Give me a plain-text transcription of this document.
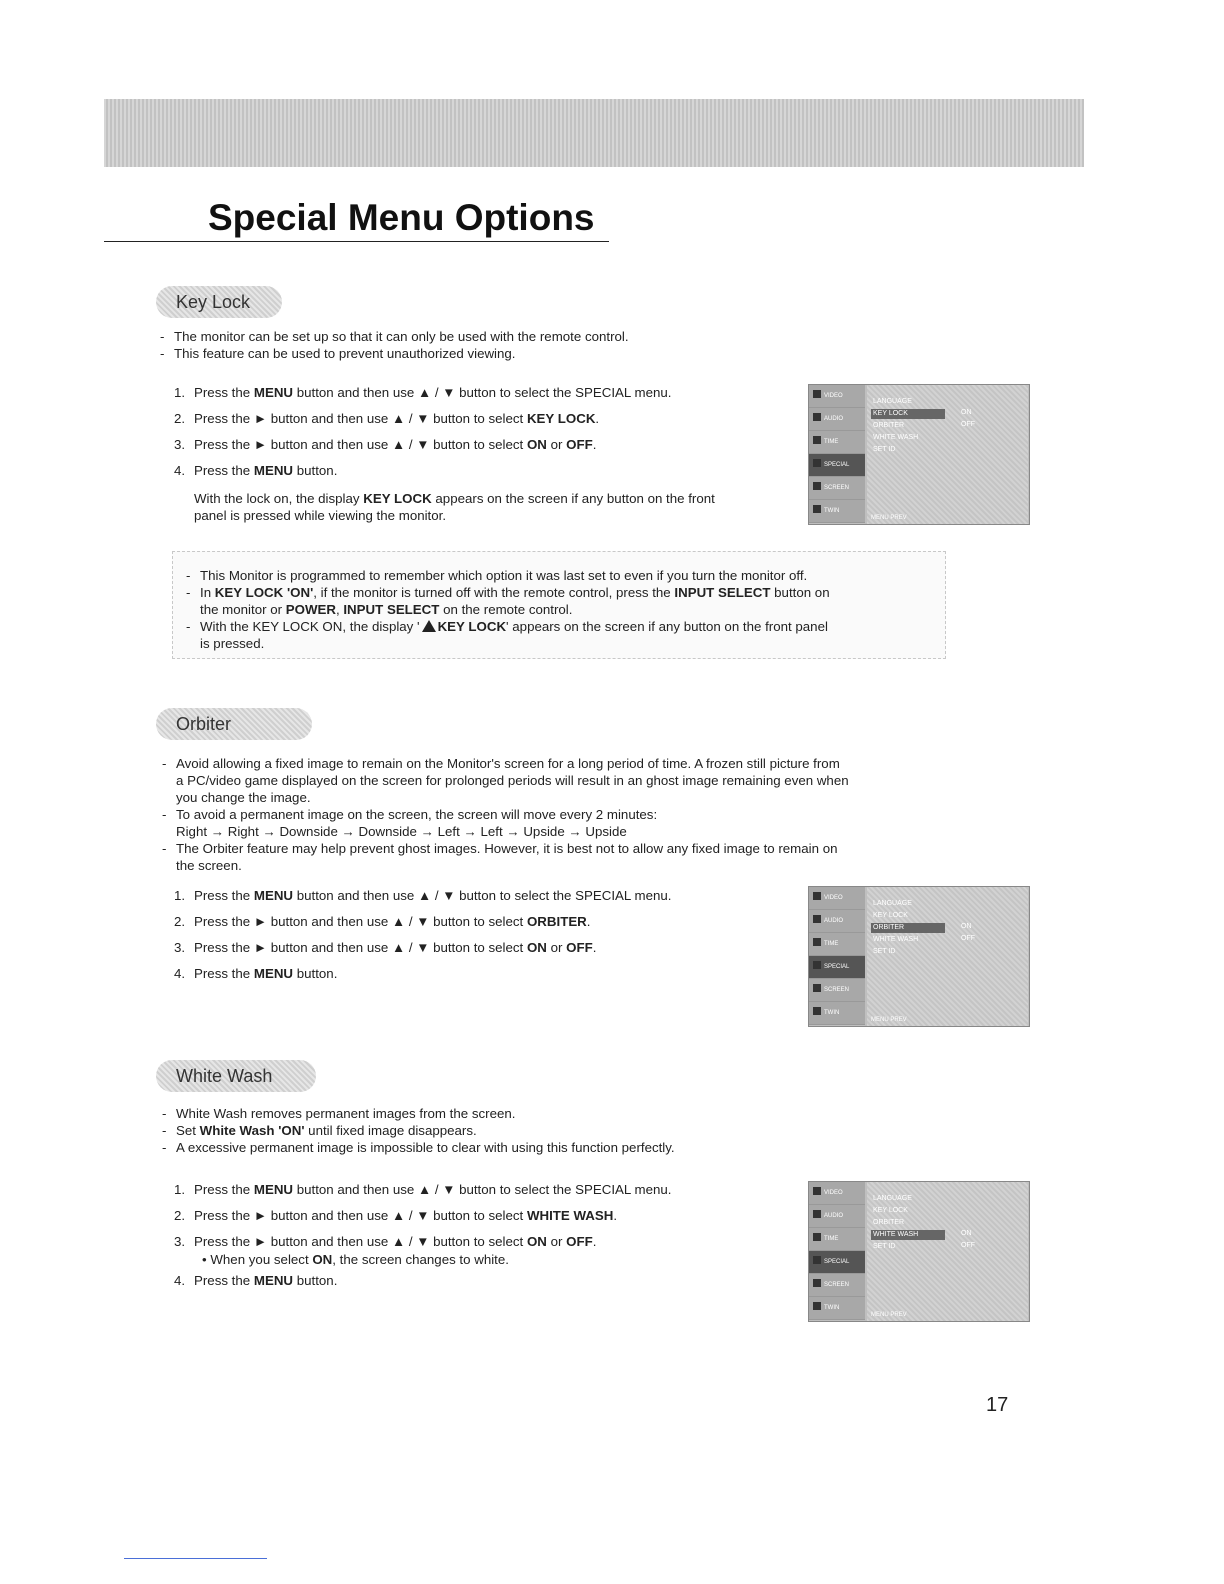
Special Menu Options
Key Lock
- The monitor can be set up so that it can only be used with the remote control.
- This feature can be used to prevent unauthorized viewing.
1. Press the MENU button and then use ▲ / ▼ button to select the SPECIAL menu.
2. Press the ► button and then use ▲ / ▼ button to select KEY LOCK.
3. Press the ► button and then use ▲ / ▼ button to select ON or OFF.
4. Press the MENU button.
With the lock on, the display KEY LOCK appears on the screen if any button on the front
panel is pressed while viewing the monitor.
VIDEO
AUDIO
TIME
SPECIAL
SCREEN
TWIN
LANGUAGE
KEY LOCK
ORBITER
WHITE WASH
SET ID
ON
OFF
MENU PREV
- This Monitor is programmed to remember which option it was last set to even if you turn the monitor off.
- In KEY LOCK 'ON', if the monitor is turned off with the remote control, press the INPUT SELECT button on
the monitor or POWER, INPUT SELECT on the remote control.
- With the KEY LOCK ON, the display ' KEY LOCK' appears on the screen if any button on the front panel
is pressed.
Orbiter
- Avoid allowing a fixed image to remain on the Monitor's screen for a long period of time. A frozen still picture from
a PC/video game displayed on the screen for prolonged periods will result in an ghost image remaining even when
you change the image.
- To avoid a permanent image on the screen, the screen will move every 2 minutes:
Right → Right → Downside → Downside → Left → Left → Upside → Upside
- The Orbiter feature may help prevent ghost images. However, it is best not to allow any fixed image to remain on
the screen.
1. Press the MENU button and then use ▲ / ▼ button to select the SPECIAL menu.
2. Press the ► button and then use ▲ / ▼ button to select ORBITER.
3. Press the ► button and then use ▲ / ▼ button to select ON or OFF.
4. Press the MENU button.
VIDEO
AUDIO
TIME
SPECIAL
SCREEN
TWIN
LANGUAGE
KEY LOCK
ORBITER
WHITE WASH
SET ID
ON
OFF
MENU PREV
White Wash
- White Wash removes permanent images from the screen.
- Set White Wash 'ON' until fixed image disappears.
- A excessive permanent image is impossible to clear with using this function perfectly.
1. Press the MENU button and then use ▲ / ▼ button to select the SPECIAL menu.
2. Press the ► button and then use ▲ / ▼ button to select WHITE WASH.
3. Press the ► button and then use ▲ / ▼ button to select ON or OFF.
• When you select ON, the screen changes to white.
4. Press the MENU button.
VIDEO
AUDIO
TIME
SPECIAL
SCREEN
TWIN
LANGUAGE
KEY LOCK
ORBITER
WHITE WASH
SET ID
ON
OFF
MENU PREV
17
